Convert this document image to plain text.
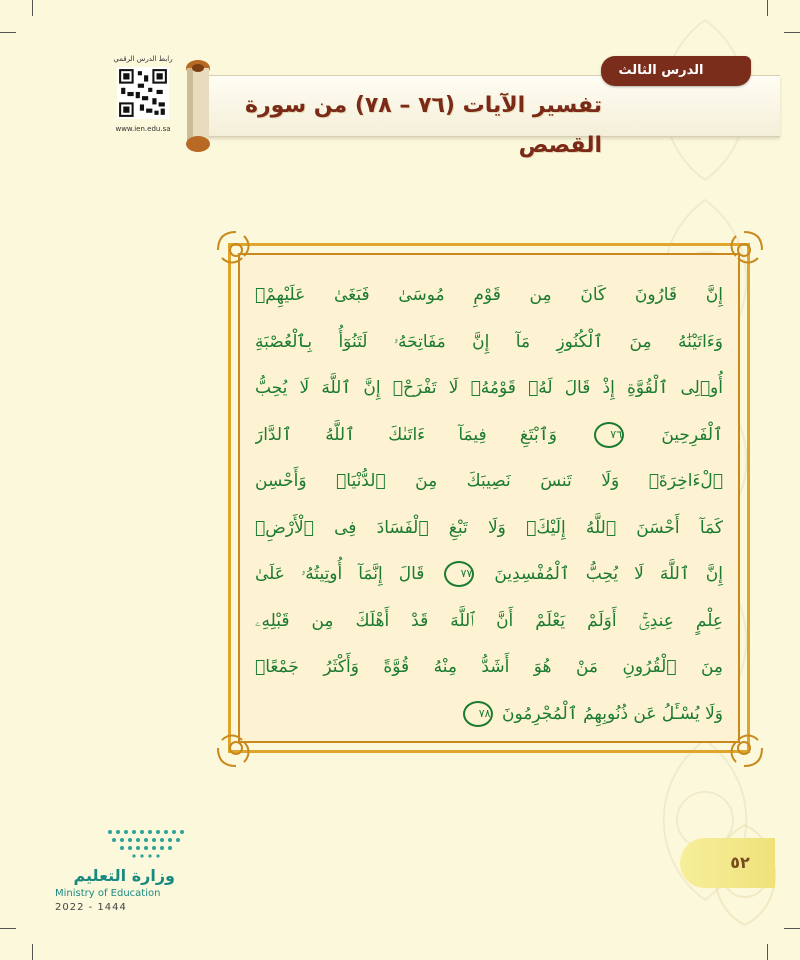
رابط الدرس الرقمي
www.ien.edu.sa
الدرس الثالث
تفسير الآيات (٧٦ – ٧٨) من سورة القصص

إِنَّ قَارُونَ كَانَ مِن قَوْمِ مُوسَىٰ فَبَغَىٰ عَلَيْهِمْۖ

وَءَاتَيْنَٰهُ مِنَ ٱلْكُنُوزِ مَآ إِنَّ مَفَاتِحَهُۥ لَتَنُوٓأُ بِٱلْعُصْبَةِ

أُو۟لِى ٱلْقُوَّةِ إِذْ قَالَ لَهُۥ قَوْمُهُۥ لَا تَفْرَحْۖ إِنَّ ٱللَّهَ لَا يُحِبُّ

ٱلْفَرِحِينَ ٧٦ وَٱبْتَغِ فِيمَآ ءَاتَىٰكَ ٱللَّهُ ٱلدَّارَ

ٱلْءَاخِرَةَۖ وَلَا تَنسَ نَصِيبَكَ مِنَ ٱلدُّنْيَاۖ وَأَحْسِن

كَمَآ أَحْسَنَ ٱللَّهُ إِلَيْكَۖ وَلَا تَبْغِ ٱلْفَسَادَ فِى ٱلْأَرْضِۖ

إِنَّ ٱللَّهَ لَا يُحِبُّ ٱلْمُفْسِدِينَ ٧٧ قَالَ إِنَّمَآ أُوتِيتُهُۥ عَلَىٰ

عِلْمٍ عِندِىٓۚ أَوَلَمْ يَعْلَمْ أَنَّ ٱللَّهَ قَدْ أَهْلَكَ مِن قَبْلِهِۦ

مِنَ ٱلْقُرُونِ مَنْ هُوَ أَشَدُّ مِنْهُ قُوَّةً وَأَكْثَرُ جَمْعًاۚ

وَلَا يُسْـَٔلُ عَن ذُنُوبِهِمُ ٱلْمُجْرِمُونَ ٧٨

وزارة التعليم
Ministry of Education
2022 - 1444
٥٢
